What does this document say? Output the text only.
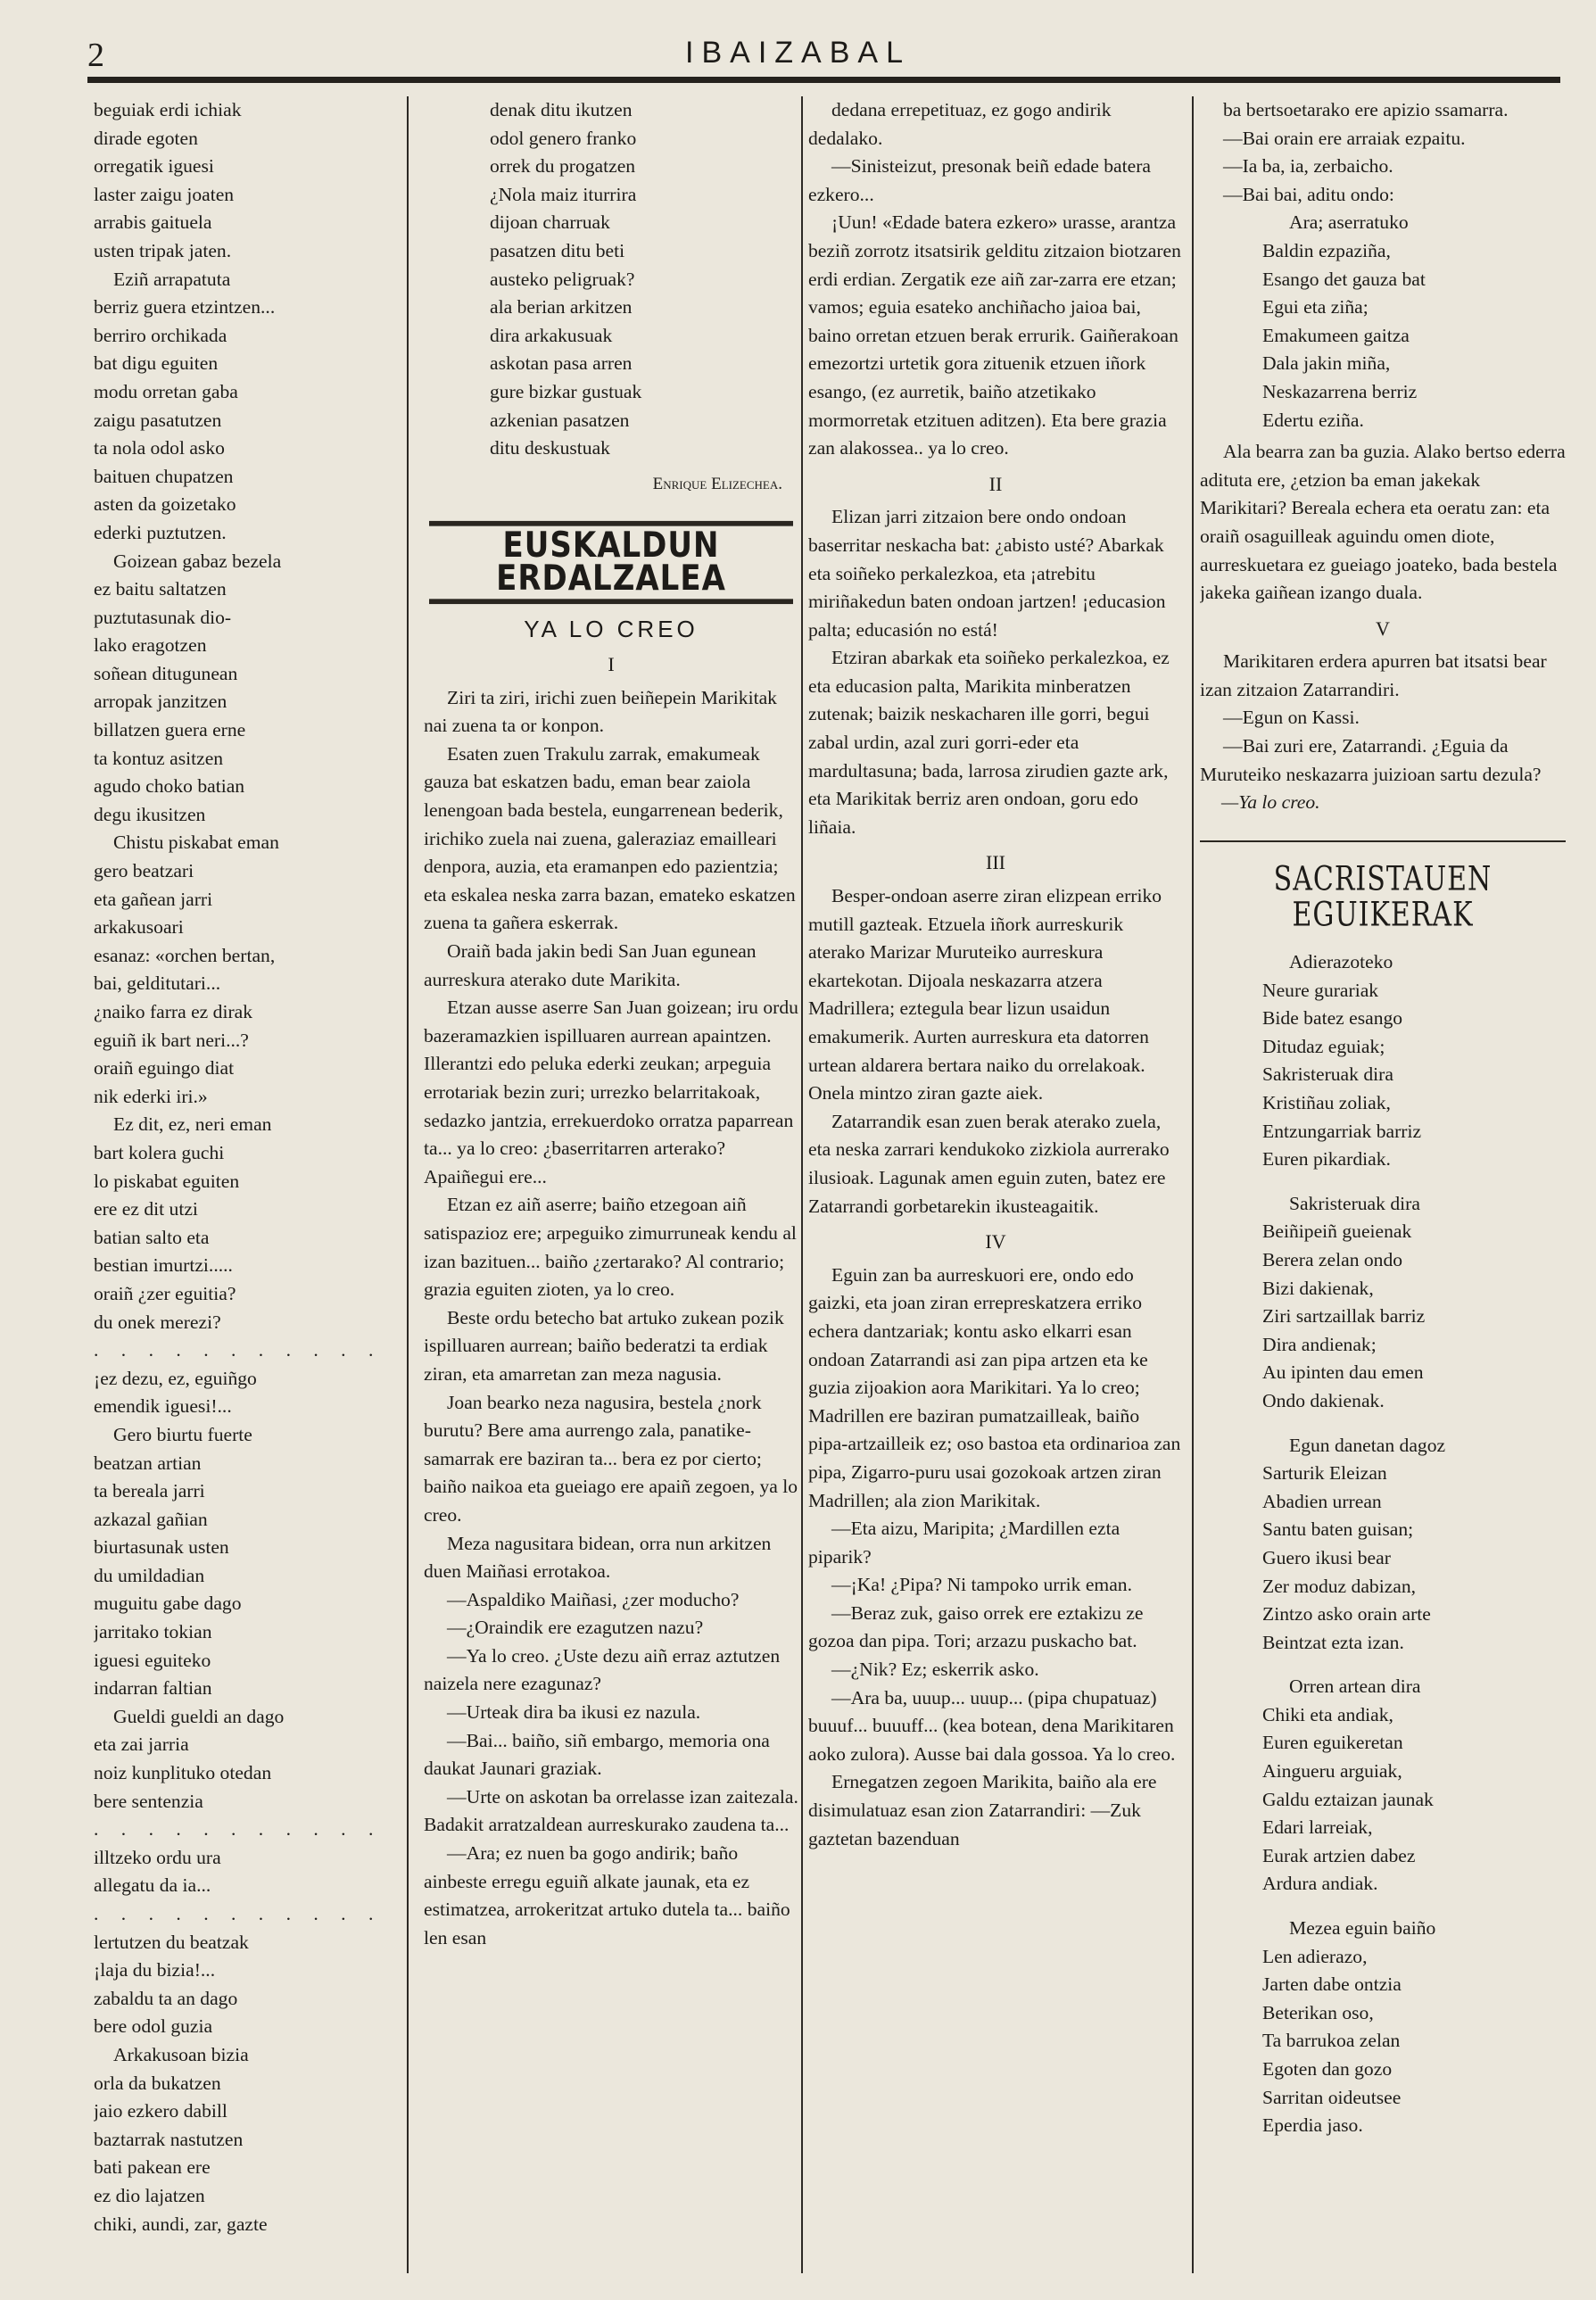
2	IBAIZABAL
beguiak erdi ichiak
dirade egoten
orregatik iguesi
laster zaigu joaten
arrabis gaituela
usten tripak jaten.
Eziñ arrapatuta
berriz guera etzintzen...
berriro orchikada
bat digu eguiten
modu orretan gaba
zaigu pasatutzen
ta nola odol asko
baituen chupatzen
asten da goizetako
ederki puztutzen.
Goizean gabaz bezela
ez baitu saltatzen
puztutasunak dio-
lako eragotzen
soñean ditugunean
arropak janzitzen
billatzen guera erne
ta kontuz asitzen
agudo choko batian
degu ikusitzen
Chistu piskabat eman
gero beatzari
eta gañean jarri
arkakusoari
esanaz: «orchen bertan,
bai, gelditutari...
¿naiko farra ez dirak
eguiñ ik bart neri...?
oraiñ eguingo diat
nik ederki iri.»
Ez dit, ez, neri eman
bart kolera guchi
lo piskabat eguiten
ere ez dit utzi
batian salto eta
bestian imurtzi.....
oraiñ ¿zer eguitia?
du onek merezi?
. . . . . . . . . . .
¡ez dezu, ez, eguiñgo
emendik iguesi!...
Gero biurtu fuerte
beatzan artian
ta bereala jarri
azkazal gañian
biurtasunak usten
du umildadian
muguitu gabe dago
jarritako tokian
iguesi eguiteko
indarran faltian
Gueldi gueldi an dago
eta zai jarria
noiz kunplituko otedan
bere sentenzia
. . . . . . . . . . .
illtzeko ordu ura
allegatu da ia...
. . . . . . . . . . .
lertutzen du beatzak
¡laja du bizia!...
zabaldu ta an dago
bere odol guzia
Arkakusoan bizia
orla da bukatzen
jaio ezkero dabill
baztarrak nastutzen
bati pakean ere
ez dio lajatzen
chiki, aundi, zar, gazte
denak ditu ikutzen
odol genero franko
orrek du progatzen
¿Nola maiz iturrira
dijoan charruak
pasatzen ditu beti
austeko peligruak?
ala berian arkitzen
dira arkakusuak
askotan pasa arren
gure bizkar gustuak
azkenian pasatzen
ditu deskustuak
Enrique Elizechea.
EUSKALDUN ERDALZALEA
YA LO CREO
I

Ziri ta ziri, irichi zuen beiñepein Marikitak nai zuena ta or konpon.

Esaten zuen Trakulu zarrak, emakumeak gauza bat eskatzen badu, eman bear zaiola lenengoan bada bestela, eungarrenean bederik, irichiko zuela nai zuena, galeraziaz emailleari denpora, auzia, eta eramanpen edo pazientzia; eta eskalea neska zarra bazan, emateko eskatzen zuena ta gañera eskerrak.

Oraiñ bada jakin bedi San Juan egunean aurreskura aterako dute Marikita.

Etzan ausse aserre San Juan goizean; iru ordu bazeramazkien ispilluaren aurrean apaintzen. Illerantzi edo peluka ederki zeukan; arpeguia errotariak bezin zuri; urrezko belarritakoak, sedazko jantzia, errekuerdoko orratza paparrean ta... ya lo creo: ¿baserritarren arterako? Apaiñegui ere...

Etzan ez aiñ aserre; baiño etzegoan aiñ satispazioz ere; arpeguiko zimurruneak kendu al izan bazituen... baiño ¿zertarako? Al contrario; grazia eguiten zioten, ya lo creo.

Beste ordu betecho bat artuko zukean pozik ispilluaren aurrean; baiño bederatzi ta erdiak ziran, eta amarretan zan meza nagusia.

Joan bearko neza nagusira, bestela ¿nork burutu? Bere ama aurrengo zala, panatike-samarrak ere baziran ta... bera ez por cierto; baiño naikoa eta gueiago ere apaiñ zegoen, ya lo creo.

Meza nagusitara bidean, orra nun arkitzen duen Maiñasi errotakoa.

—Aspaldiko Maiñasi, ¿zer moducho?

—¿Oraindik ere ezagutzen nazu?

—Ya lo creo. ¿Uste dezu aiñ erraz aztutzen naizela nere ezagunaz?

—Urteak dira ba ikusi ez nazula.

—Bai... baiño, siñ embargo, memoria ona daukat Jaunari graziak.

—Urte on askotan ba orrelasse izan zaitezala. Badakit arratzaldean aurreskurako zaudena ta...

—Ara; ez nuen ba gogo andirik; baño ainbeste erregu eguiñ alkate jaunak, eta ez estimatzea, arrokeritzat artuko dutela ta... baiño len esan

dedana errepetituaz, ez gogo andirik dedalako.

—Sinisteizut, presonak beiñ edade batera ezkero...

¡Uun! «Edade batera ezkero» urasse, arantza beziñ zorrotz itsatsirik gelditu zitzaion biotzaren erdi erdian. Zergatik eze aiñ zar-zarra ere etzan; vamos; eguia esateko anchiñacho jaioa bai, baino orretan etzuen berak errurik. Gaiñerakoan emezortzi urtetik gora zituenik etzuen iñork esango, (ez aurretik, baiño atzetikako mormorretak etzituen aditzen). Eta bere grazia zan alakossea.. ya lo creo.

II

Elizan jarri zitzaion bere ondo ondoan baserritar neskacha bat: ¿abisto usté? Abarkak eta soiñeko perkalezkoa, eta ¡atrebitu miriñakedun baten ondoan jartzen! ¡educasion palta; educasión no está!

Etziran abarkak eta soiñeko perkalezkoa, ez eta educasion palta, Marikita minberatzen zutenak; baizik neskacharen ille gorri, begui zabal urdin, azal zuri gorri-eder eta mardultasuna; bada, larrosa zirudien gazte ark, eta Marikitak berriz aren ondoan, goru edo liñaia.

III

Besper-ondoan aserre ziran elizpean erriko mutill gazteak. Etzuela iñork aurreskurik aterako Marizar Muruteiko aurreskura ekartekotan. Dijoala neskazarra atzera Madrillera; eztegula bear lizun usaidun emakumerik. Aurten aurreskura eta datorren urtean aldarera bertara naiko du orrelakoak. Onela mintzo ziran gazte aiek.

Zatarrandik esan zuen berak aterako zuela, eta neska zarrari kendukoko zizkiola aurrerako ilusioak. Lagunak amen eguin zuten, batez ere Zatarrandi gorbetarekin ikusteagaitik.

IV

Eguin zan ba aurreskuori ere, ondo edo gaizki, eta joan ziran errepreskatzera erriko echera dantzariak; kontu asko elkarri esan ondoan Zatarrandi asi zan pipa artzen eta ke guzia zijoakion aora Marikitari. Ya lo creo; Madrillen ere baziran pumatzailleak, baiño pipa-artzailleik ez; oso bastoa eta ordinarioa zan pipa, Zigarro-puru usai gozokoak artzen ziran Madrillen; ala zion Marikitak.

—Eta aizu, Maripita; ¿Mardillen ezta piparik?

—¡Ka! ¿Pipa? Ni tampoko urrik eman.

—Beraz zuk, gaiso orrek ere eztakizu ze gozoa dan pipa. Tori; arzazu puskacho bat.

—¿Nik? Ez; eskerrik asko.

—Ara ba, uuup... uuup... (pipa chupatuaz) buuuf... buuuff... (kea botean, dena Marikitaren aoko zulora). Ausse bai dala gossoa. Ya lo creo.

Ernegatzen zegoen Marikita, baiño ala ere disimulatuaz esan zion Zatarrandiri: —Zuk gaztetan bazenduan

ba bertsoetarako ere apizio ssamarra.

—Bai orain ere arraiak ezpaitu.

—Ia ba, ia, zerbaicho.

—Bai bai, aditu ondo:

Ara; aserratuko
Baldin ezpaziña,
Esango det gauza bat
Egui eta ziña;
Emakumeen gaitza
Dala jakin miña,
Neskazarrena berriz
Edertu eziña.

Ala bearra zan ba guzia. Alako bertso ederra adituta ere, ¿etzion ba eman jakekak Marikitari? Bereala echera eta oeratu zan: eta oraiñ osaguilleak aguindu omen diote, aurreskuetara ez gueiago joateko, bada bestela jakeka gaiñean izango duala.

V

Marikitaren erdera apurren bat itsatsi bear izan zitzaion Zatarrandiri.

—Egun on Kassi.

—Bai zuri ere, Zatarrandi. ¿Eguia da Muruteiko neskazarra juizioan sartu dezula?

—Ya lo creo.
SACRISTAUEN EGUIKERAK
Adierazoteko
Neure gurariak
Bide batez esango
Ditudaz eguiak;
Sakristeruak dira
Kristiñau zoliak,
Entzungarriak barriz
Euren pikardiak.
Sakristeruak dira
Beiñipeiñ gueienak
Berera zelan ondo
Bizi dakienak,
Ziri sartzaillak barriz
Dira andienak;
Au ipinten dau emen
Ondo dakienak.
Egun danetan dagoz
Sarturik Eleizan
Abadien urrean
Santu baten guisan;
Guero ikusi bear
Zer moduz dabizan,
Zintzo asko orain arte
Beintzat ezta izan.
Orren artean dira
Chiki eta andiak,
Euren eguikeretan
Aingueru arguiak,
Galdu eztaizan jaunak
Edari larreiak,
Eurak artzien dabez
Ardura andiak.
Mezea eguin baiño
Len adierazo,
Jarten dabe ontzia
Beterikan oso,
Ta barrukoa zelan
Egoten dan gozo
Sarritan oideutsee
Eperdia jaso.
